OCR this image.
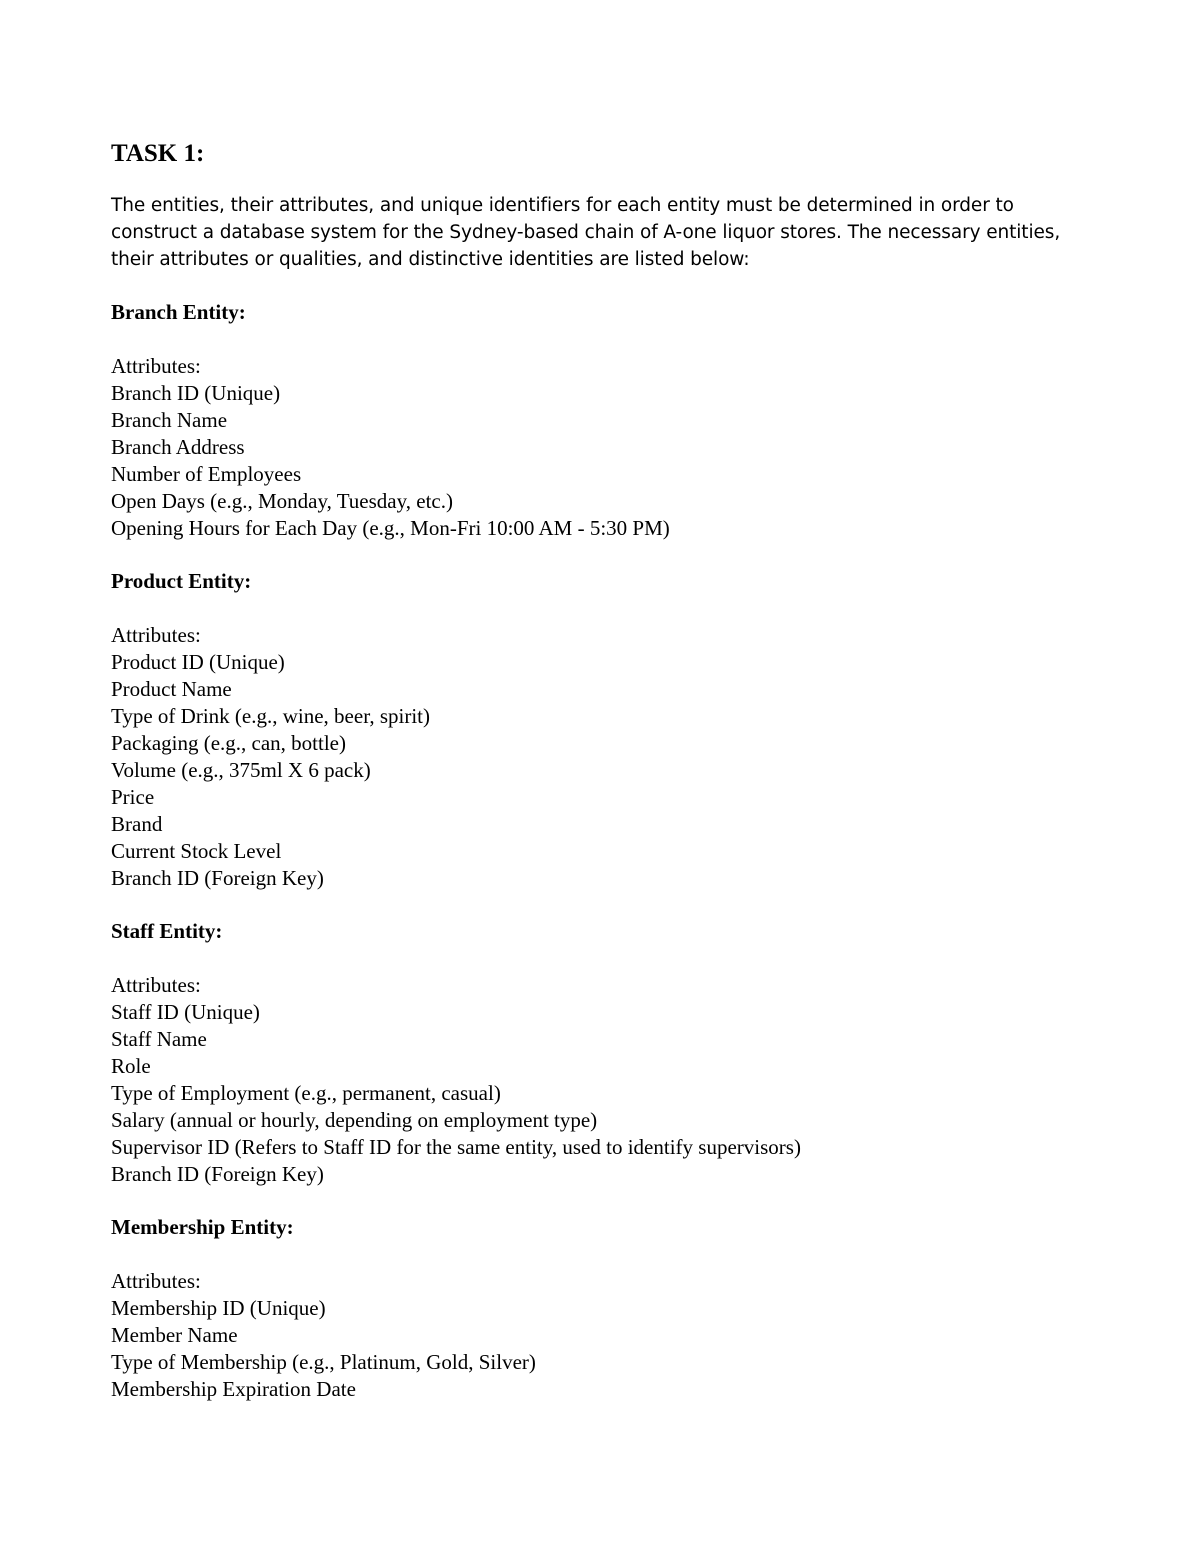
TASK 1:

The entities, their attributes, and unique identifiers for each entity must be determined in order to construct a database system for the Sydney-based chain of A-one liquor stores. The necessary entities, their attributes or qualities, and distinctive identities are listed below:

Branch Entity:

Attributes:

Branch ID (Unique)

Branch Name

Branch Address

Number of Employees

Open Days (e.g., Monday, Tuesday, etc.)

Opening Hours for Each Day (e.g., Mon-Fri 10:00 AM - 5:30 PM)

Product Entity:

Attributes:

Product ID (Unique)

Product Name

Type of Drink (e.g., wine, beer, spirit)

Packaging (e.g., can, bottle)

Volume (e.g., 375ml X 6 pack)

Price

Brand

Current Stock Level

Branch ID (Foreign Key)

Staff Entity:

Attributes:

Staff ID (Unique)

Staff Name

Role

Type of Employment (e.g., permanent, casual)

Salary (annual or hourly, depending on employment type)

Supervisor ID (Refers to Staff ID for the same entity, used to identify supervisors)

Branch ID (Foreign Key)

Membership Entity:

Attributes:

Membership ID (Unique)

Member Name

Type of Membership (e.g., Platinum, Gold, Silver)

Membership Expiration Date
